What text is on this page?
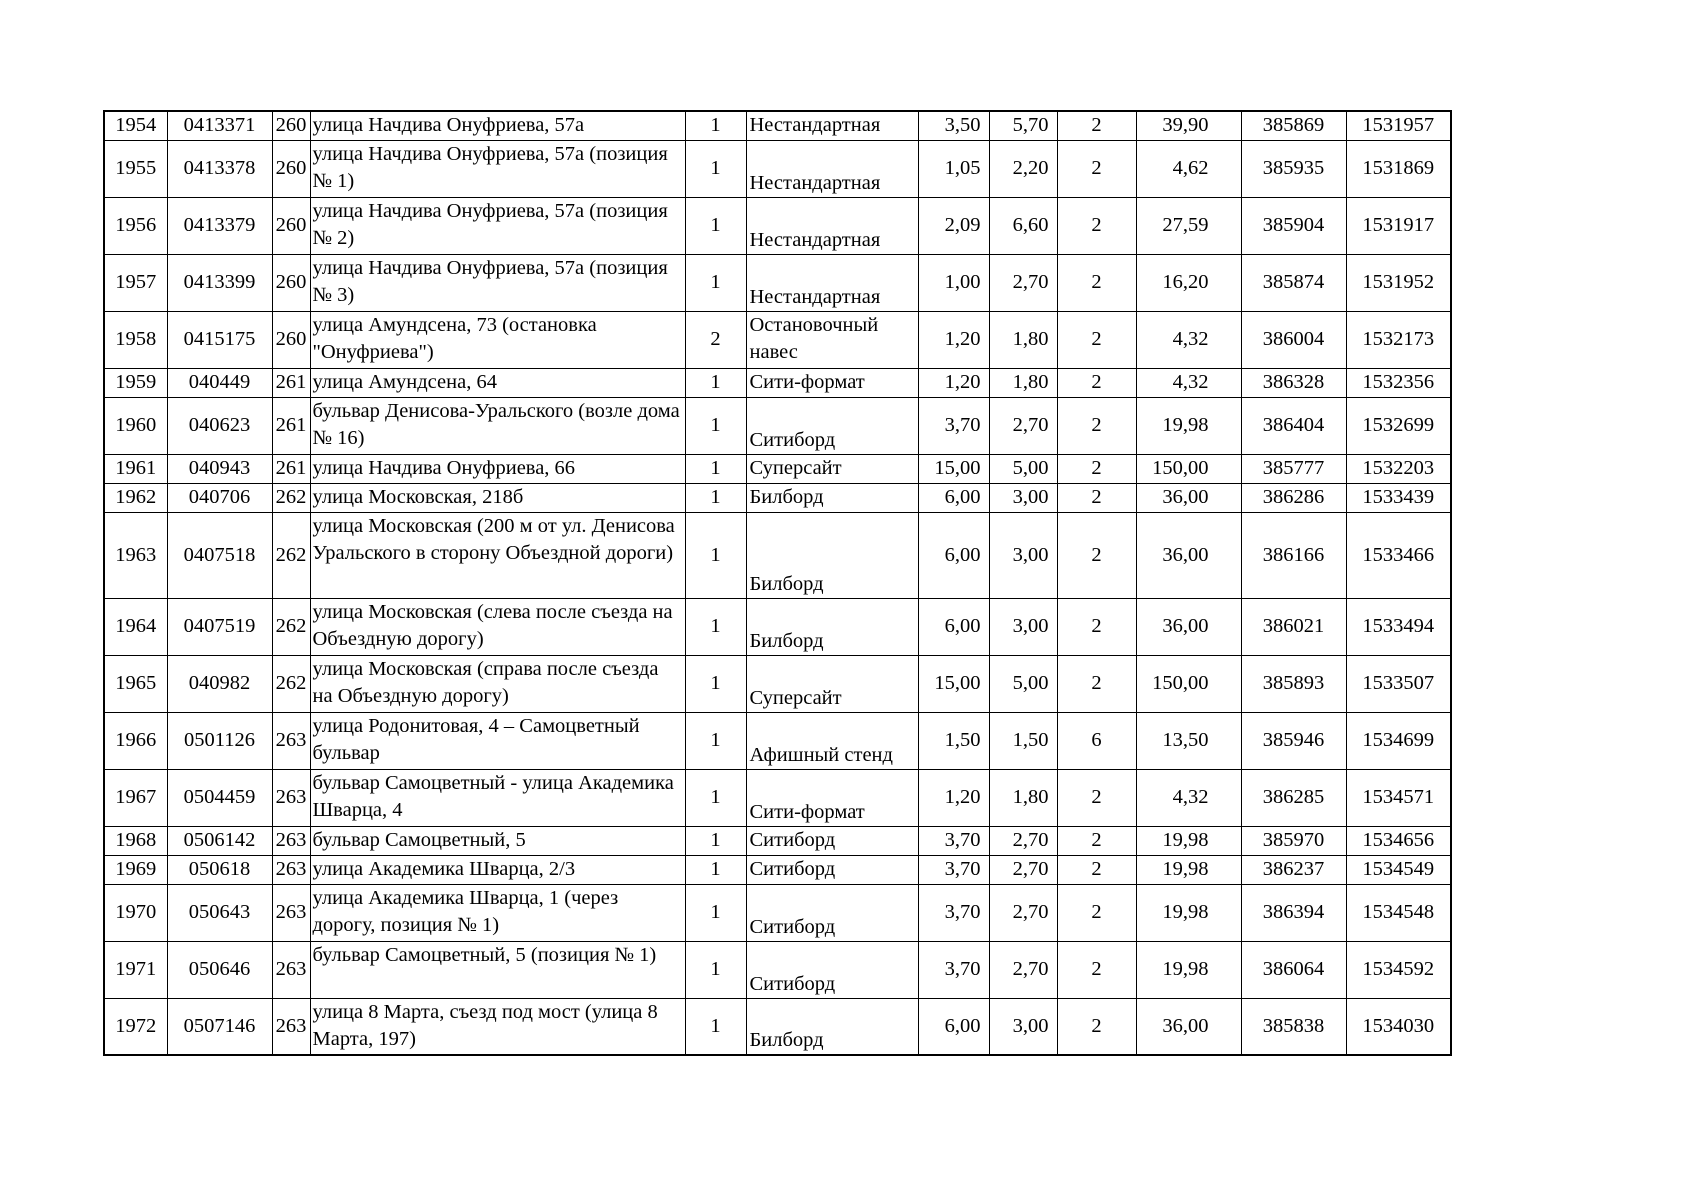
1954	0413371	260	улица Начдива Онуфриева, 57а	1	Нестандартная	3,50	5,70	2	39,90	385869	1531957
1955	0413378	260	улица Начдива Онуфриева, 57а (позиция № 1)	1	Нестандартная	1,05	2,20	2	4,62	385935	1531869
1956	0413379	260	улица Начдива Онуфриева, 57а (позиция № 2)	1	Нестандартная	2,09	6,60	2	27,59	385904	1531917
1957	0413399	260	улица Начдива Онуфриева, 57а (позиция № 3)	1	Нестандартная	1,00	2,70	2	16,20	385874	1531952
1958	0415175	260	улица Амундсена, 73 (остановка "Онуфриева")	2	Остановочный навес	1,20	1,80	2	4,32	386004	1532173
1959	040449	261	улица Амундсена, 64	1	Сити-формат	1,20	1,80	2	4,32	386328	1532356
1960	040623	261	бульвар Денисова-Уральского (возле дома № 16)	1	Ситиборд	3,70	2,70	2	19,98	386404	1532699
1961	040943	261	улица Начдива Онуфриева, 66	1	Суперсайт	15,00	5,00	2	150,00	385777	1532203
1962	040706	262	улица Московская, 218б	1	Билборд	6,00	3,00	2	36,00	386286	1533439
1963	0407518	262	улица Московская (200 м от ул. Денисова Уральского в сторону Объездной дороги)	1	Билборд	6,00	3,00	2	36,00	386166	1533466
1964	0407519	262	улица Московская (слева после съезда на Объездную дорогу)	1	Билборд	6,00	3,00	2	36,00	386021	1533494
1965	040982	262	улица Московская (справа после съезда на Объездную дорогу)	1	Суперсайт	15,00	5,00	2	150,00	385893	1533507
1966	0501126	263	улица Родонитовая, 4 – Самоцветный бульвар	1	Афишный стенд	1,50	1,50	6	13,50	385946	1534699
1967	0504459	263	бульвар Самоцветный - улица Академика Шварца, 4	1	Сити-формат	1,20	1,80	2	4,32	386285	1534571
1968	0506142	263	бульвар Самоцветный, 5	1	Ситиборд	3,70	2,70	2	19,98	385970	1534656
1969	050618	263	улица Академика Шварца, 2/3	1	Ситиборд	3,70	2,70	2	19,98	386237	1534549
1970	050643	263	улица Академика Шварца, 1 (через дорогу, позиция № 1)	1	Ситиборд	3,70	2,70	2	19,98	386394	1534548
1971	050646	263	бульвар Самоцветный, 5 (позиция № 1)	1	Ситиборд	3,70	2,70	2	19,98	386064	1534592
1972	0507146	263	улица 8 Марта, съезд под мост (улица 8 Марта, 197)	1	Билборд	6,00	3,00	2	36,00	385838	1534030
